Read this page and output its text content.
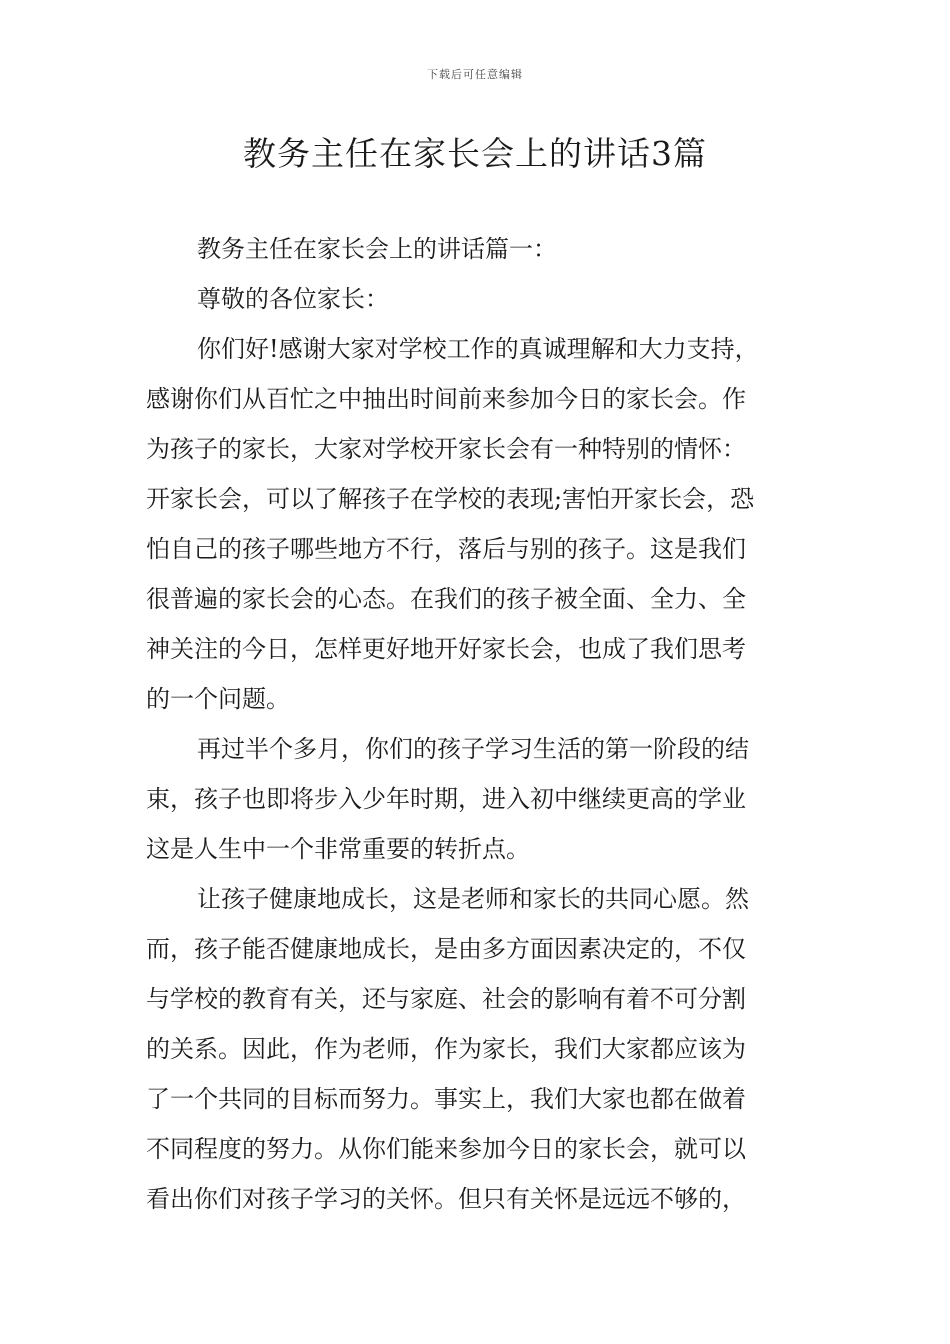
下载后可任意编辑
教务主任在家长会上的讲话3篇
教务主任在家长会上的讲话篇一：
尊敬的各位家长：
你们好!感谢大家对学校工作的真诚理解和大力支持，
感谢你们从百忙之中抽出时间前来参加今日的家长会。作
为孩子的家长，大家对学校开家长会有一种特别的情怀：
开家长会，可以了解孩子在学校的表现;害怕开家长会，恐
怕自己的孩子哪些地方不行，落后与别的孩子。这是我们
很普遍的家长会的心态。在我们的孩子被全面、全力、全
神关注的今日，怎样更好地开好家长会，也成了我们思考
的一个问题。
再过半个多月，你们的孩子学习生活的第一阶段的结
束，孩子也即将步入少年时期，进入初中继续更高的学业
这是人生中一个非常重要的转折点。
让孩子健康地成长，这是老师和家长的共同心愿。然
而，孩子能否健康地成长，是由多方面因素决定的，不仅
与学校的教育有关，还与家庭、社会的影响有着不可分割
的关系。因此，作为老师，作为家长，我们大家都应该为
了一个共同的目标而努力。事实上，我们大家也都在做着
不同程度的努力。从你们能来参加今日的家长会，就可以
看出你们对孩子学习的关怀。但只有关怀是远远不够的，
